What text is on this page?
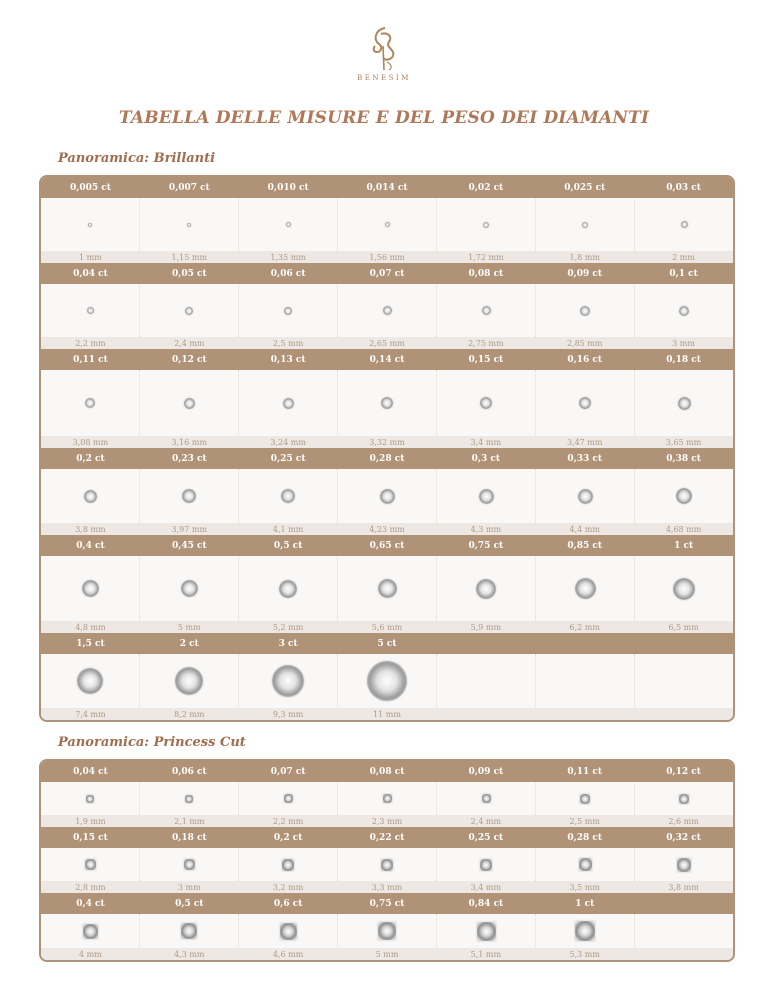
BENESIM
TABELLA DELLE MISURE E DEL PESO DEI DIAMANTI
Panoramica: Brillanti
0,005 ct	0,007 ct	0,010 ct	0,014 ct	0,02 ct	0,025 ct	0,03 ct
1 mm	1,15 mm	1,35 mm	1,56 mm	1,72 mm	1,8 mm	2 mm
0,04 ct	0,05 ct	0,06 ct	0,07 ct	0,08 ct	0,09 ct	0,1 ct
2,2 mm	2,4 mm	2,5 mm	2,65 mm	2,75 mm	2,85 mm	3 mm
0,11 ct	0,12 ct	0,13 ct	0,14 ct	0,15 ct	0,16 ct	0,18 ct
3,08 mm	3,16 mm	3,24 mm	3,32 mm	3,4 mm	3,47 mm	3,65 mm
0,2 ct	0,23 ct	0,25 ct	0,28 ct	0,3 ct	0,33 ct	0,38 ct
3,8 mm	3,97 mm	4,1 mm	4,23 mm	4,3 mm	4,4 mm	4,68 mm
0,4 ct	0,45 ct	0,5 ct	0,65 ct	0,75 ct	0,85 ct	1 ct
4,8 mm	5 mm	5,2 mm	5,6 mm	5,9 mm	6,2 mm	6,5 mm
1,5 ct	2 ct	3 ct	5 ct
7,4 mm	8,2 mm	9,3 mm	11 mm
Panoramica: Princess Cut
0,04 ct	0,06 ct	0,07 ct	0,08 ct	0,09 ct	0,11 ct	0,12 ct
1,9 mm	2,1 mm	2,2 mm	2,3 mm	2,4 mm	2,5 mm	2,6 mm
0,15 ct	0,18 ct	0,2 ct	0,22 ct	0,25 ct	0,28 ct	0,32 ct
2,8 mm	3 mm	3,2 mm	3,3 mm	3,4 mm	3,5 mm	3,8 mm
0,4 ct	0,5 ct	0,6 ct	0,75 ct	0,84 ct	1 ct
4 mm	4,3 mm	4,6 mm	5 mm	5,1 mm	5,3 mm
